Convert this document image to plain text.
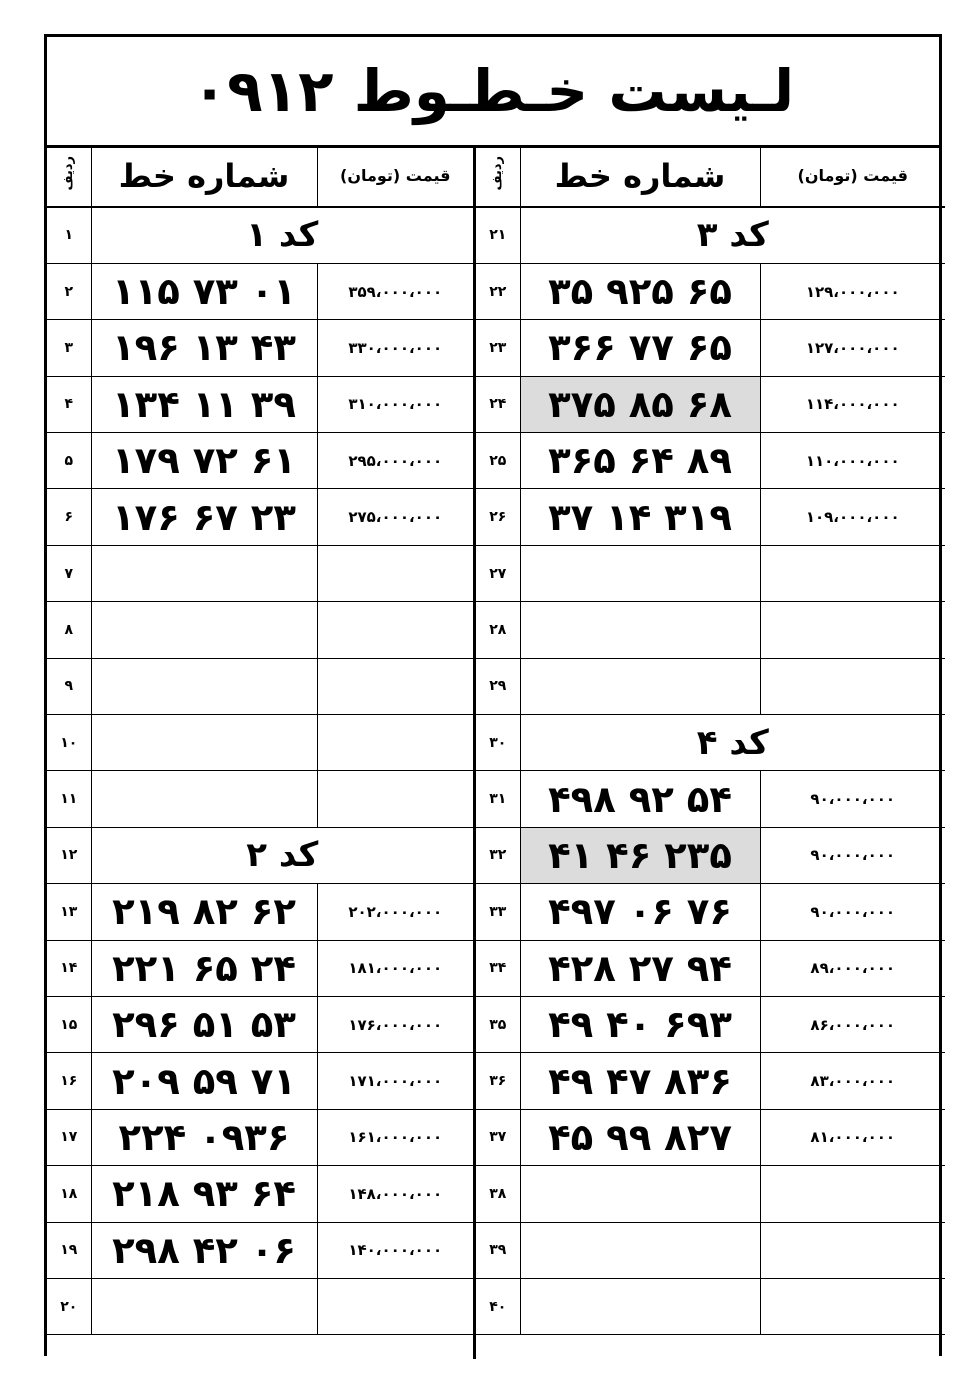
لـيست خـطـوط ۰۹۱۲
ردیف	شماره خط	قیمت (تومان)
۲۱	کد ۳	
۲۲	۳۵ ۹۲۵ ۶۵	۱۲۹،۰۰۰،۰۰۰
۲۳	۳۶۶ ۷۷ ۶۵	۱۲۷،۰۰۰،۰۰۰
۲۴	۳۷۵ ۸۵ ۶۸	۱۱۴،۰۰۰،۰۰۰
۲۵	۳۶۵ ۶۴ ۸۹	۱۱۰،۰۰۰،۰۰۰
۲۶	۳۷ ۱۴ ۳۱۹	۱۰۹،۰۰۰،۰۰۰
۲۷		
۲۸		
۲۹		
۳۰	کد ۴	
۳۱	۴۹۸ ۹۲ ۵۴	۹۰،۰۰۰،۰۰۰
۳۲	۴۱ ۴۶ ۲۳۵	۹۰،۰۰۰،۰۰۰
۳۳	۴۹۷ ۰۶ ۷۶	۹۰،۰۰۰،۰۰۰
۳۴	۴۲۸ ۲۷ ۹۴	۸۹،۰۰۰،۰۰۰
۳۵	۴۹ ۴۰ ۶۹۳	۸۶،۰۰۰،۰۰۰
۳۶	۴۹ ۴۷ ۸۳۶	۸۳،۰۰۰،۰۰۰
۳۷	۴۵ ۹۹ ۸۲۷	۸۱،۰۰۰،۰۰۰
۳۸		
۳۹		
۴۰		
ردیف	شماره خط	قیمت (تومان)
۱	کد ۱	
۲	۱۱۵ ۷۳ ۰۱	۳۵۹،۰۰۰،۰۰۰
۳	۱۹۶ ۱۳ ۴۳	۳۳۰،۰۰۰،۰۰۰
۴	۱۳۴ ۱۱ ۳۹	۳۱۰،۰۰۰،۰۰۰
۵	۱۷۹ ۷۲ ۶۱	۲۹۵،۰۰۰،۰۰۰
۶	۱۷۶ ۶۷ ۲۳	۲۷۵،۰۰۰،۰۰۰
۷		
۸		
۹		
۱۰		
۱۱		
۱۲	کد ۲	
۱۳	۲۱۹ ۸۲ ۶۲	۲۰۲،۰۰۰،۰۰۰
۱۴	۲۲۱ ۶۵ ۲۴	۱۸۱،۰۰۰،۰۰۰
۱۵	۲۹۶ ۵۱ ۵۳	۱۷۶،۰۰۰،۰۰۰
۱۶	۲۰۹ ۵۹ ۷۱	۱۷۱،۰۰۰،۰۰۰
۱۷	۲۲۴ ۰۹۳۶	۱۶۱،۰۰۰،۰۰۰
۱۸	۲۱۸ ۹۳ ۶۴	۱۴۸،۰۰۰،۰۰۰
۱۹	۲۹۸ ۴۲ ۰۶	۱۴۰،۰۰۰،۰۰۰
۲۰		
